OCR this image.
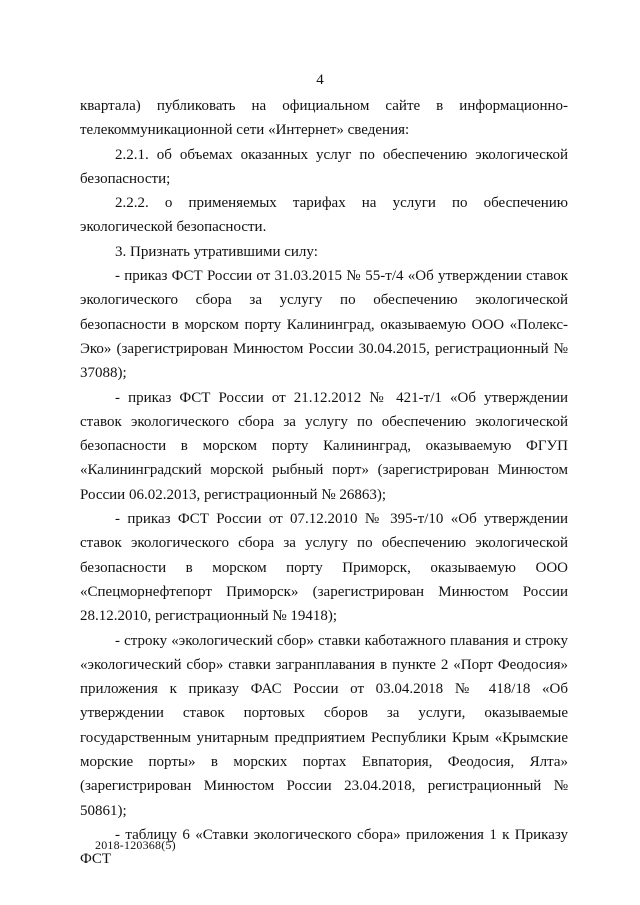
4

квартала) публиковать на официальном сайте в информационно-телекоммуникационной сети «Интернет» сведения:

2.2.1. об объемах оказанных услуг по обеспечению экологической безопасности;

2.2.2. о применяемых тарифах на услуги по обеспечению экологической безопасности.

3. Признать утратившими силу:

- приказ ФСТ России от 31.03.2015 № 55-т/4 «Об утверждении ставок экологического сбора за услугу по обеспечению экологической безопасности в морском порту Калининград, оказываемую ООО «Полекс-Эко» (зарегистрирован Минюстом России 30.04.2015, регистрационный № 37088);

- приказ ФСТ России от 21.12.2012 № 421-т/1 «Об утверждении ставок экологического сбора за услугу по обеспечению экологической безопасности в морском порту Калининград, оказываемую ФГУП «Калининградский морской рыбный порт» (зарегистрирован Минюстом России 06.02.2013, регистрационный № 26863);

- приказ ФСТ России от 07.12.2010 № 395-т/10 «Об утверждении ставок экологического сбора за услугу по обеспечению экологической безопасности в морском порту Приморск, оказываемую ООО «Спецморнефтепорт Приморск» (зарегистрирован Минюстом России 28.12.2010, регистрационный № 19418);

- строку «экологический сбор» ставки каботажного плавания и строку «экологический сбор» ставки загранплавания в пункте 2 «Порт Феодосия» приложения к приказу ФАС России от 03.04.2018 № 418/18 «Об утверждении ставок портовых сборов за услуги, оказываемые государственным унитарным предприятием Республики Крым «Крымские морские порты» в морских портах Евпатория, Феодосия, Ялта» (зарегистрирован Минюстом России 23.04.2018, регистрационный № 50861);

- таблицу 6 «Ставки экологического сбора» приложения 1 к Приказу ФСТ

2018-120368(5)
